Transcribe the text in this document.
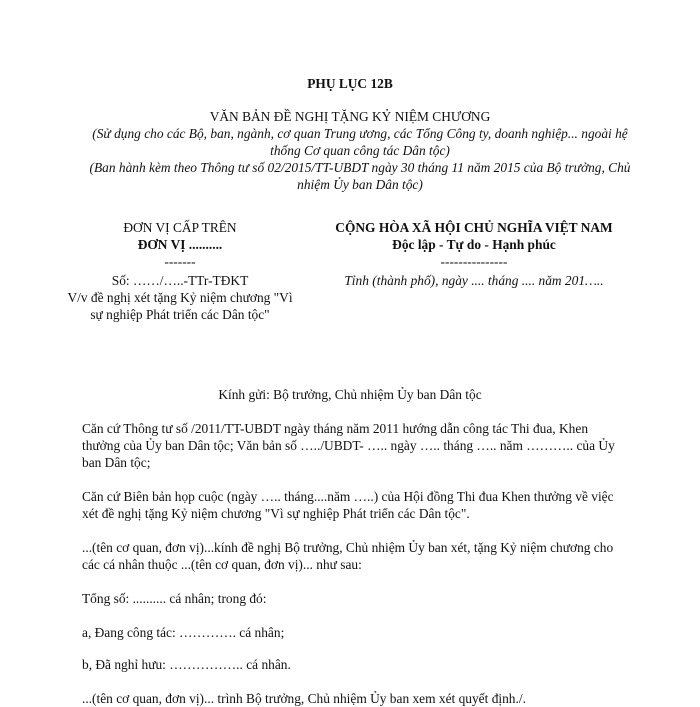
PHỤ LỤC 12B
VĂN BẢN ĐỀ NGHỊ TẶNG KỶ NIỆM CHƯƠNG
(Sử dụng cho các Bộ, ban, ngành, cơ quan Trung ương, các Tổng Công ty, doanh nghiệp... ngoài hệ thống Cơ quan công tác Dân tộc)
(Ban hành kèm theo Thông tư số 02/2015/TT-UBDT ngày 30 tháng 11 năm 2015 của Bộ trưởng, Chủ nhiệm Ủy ban Dân tộc)
ĐƠN VỊ CẤP TRÊN
ĐƠN VỊ ..........
-------
Số: ……/…..-TTr-TĐKT
V/v đề nghị xét tặng Kỷ niệm chương "Vì sự nghiệp Phát triển các Dân tộc"
CỘNG HÒA XÃ HỘI CHỦ NGHĨA VIỆT NAM
Độc lập - Tự do - Hạnh phúc
---------------
Tỉnh (thành phố), ngày .... tháng .... năm 201…..
Kính gửi: Bộ trưởng, Chủ nhiệm Ủy ban Dân tộc
Căn cứ Thông tư số /2011/TT-UBDT ngày tháng năm 2011 hướng dẫn công tác Thi đua, Khen thưởng của Ủy ban Dân tộc; Văn bản số …../UBDT- ….. ngày ….. tháng ….. năm ……….. của Ủy ban Dân tộc;
Căn cứ Biên bản họp cuộc (ngày ….. tháng....năm …..) của Hội đồng Thi đua Khen thưởng về việc xét đề nghị tặng Kỷ niệm chương "Vì sự nghiệp Phát triển các Dân tộc".
...(tên cơ quan, đơn vị)...kính đề nghị Bộ trưởng, Chủ nhiệm Ủy ban xét, tặng Kỷ niệm chương cho các cá nhân thuộc ...(tên cơ quan, đơn vị)... như sau:
Tổng số: .......... cá nhân; trong đó:
a, Đang công tác: …………. cá nhân;
b, Đã nghỉ hưu: …………….. cá nhân.
...(tên cơ quan, đơn vị)... trình Bộ trưởng, Chủ nhiệm Ủy ban xem xét quyết định./.
